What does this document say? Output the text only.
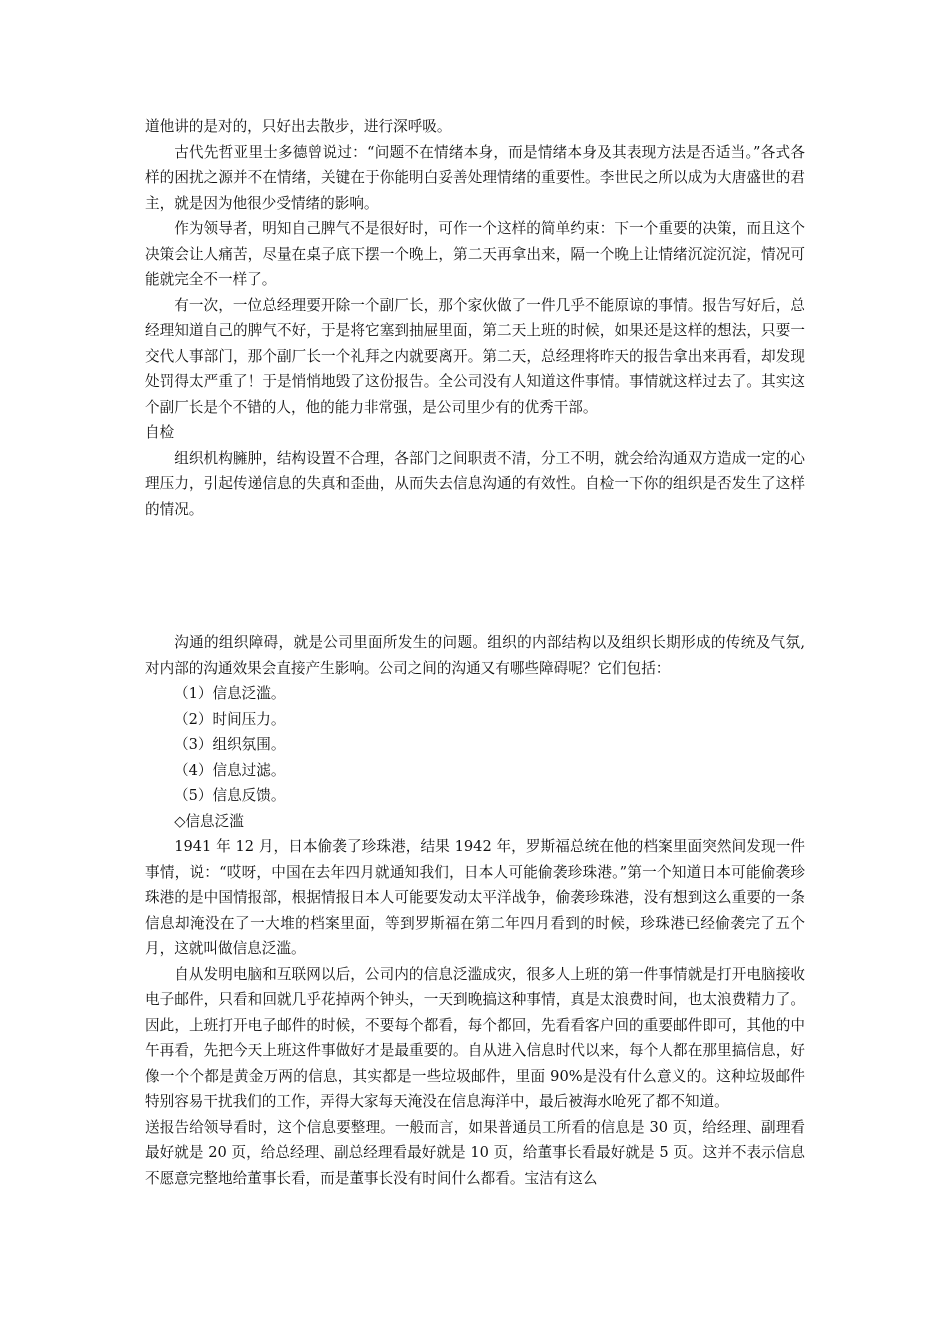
道他讲的是对的，只好出去散步，进行深呼吸。

古代先哲亚里士多德曾说过：“问题不在情绪本身，而是情绪本身及其表现方法是否适当。”各式各样的困扰之源并不在情绪，关键在于你能明白妥善处理情绪的重要性。李世民之所以成为大唐盛世的君主，就是因为他很少受情绪的影响。

作为领导者，明知自己脾气不是很好时，可作一个这样的简单约束：下一个重要的决策，而且这个决策会让人痛苦，尽量在桌子底下摆一个晚上，第二天再拿出来，隔一个晚上让情绪沉淀沉淀，情况可能就完全不一样了。

有一次，一位总经理要开除一个副厂长，那个家伙做了一件几乎不能原谅的事情。报告写好后，总经理知道自己的脾气不好，于是将它塞到抽屉里面，第二天上班的时候，如果还是这样的想法，只要一交代人事部门，那个副厂长一个礼拜之内就要离开。第二天，总经理将昨天的报告拿出来再看，却发现处罚得太严重了！于是悄悄地毁了这份报告。全公司没有人知道这件事情。事情就这样过去了。其实这个副厂长是个不错的人，他的能力非常强，是公司里少有的优秀干部。

自检

组织机构臃肿，结构设置不合理，各部门之间职责不清，分工不明，就会给沟通双方造成一定的心理压力，引起传递信息的失真和歪曲，从而失去信息沟通的有效性。自检一下你的组织是否发生了这样的情况。

沟通的组织障碍，就是公司里面所发生的问题。组织的内部结构以及组织长期形成的传统及气氛,对内部的沟通效果会直接产生影响。公司之间的沟通又有哪些障碍呢？它们包括：

（1）信息泛滥。

（2）时间压力。

（3）组织氛围。

（4）信息过滤。

（5）信息反馈。

◇信息泛滥

1941 年 12 月，日本偷袭了珍珠港，结果 1942 年，罗斯福总统在他的档案里面突然间发现一件事情，说：“哎呀，中国在去年四月就通知我们，日本人可能偷袭珍珠港。”第一个知道日本可能偷袭珍珠港的是中国情报部，根据情报日本人可能要发动太平洋战争，偷袭珍珠港，没有想到这么重要的一条信息却淹没在了一大堆的档案里面，等到罗斯福在第二年四月看到的时候，珍珠港已经偷袭完了五个月，这就叫做信息泛滥。

自从发明电脑和互联网以后，公司内的信息泛滥成灾，很多人上班的第一件事情就是打开电脑接收电子邮件，只看和回就几乎花掉两个钟头，一天到晚搞这种事情，真是太浪费时间，也太浪费精力了。因此，上班打开电子邮件的时候，不要每个都看，每个都回，先看看客户回的重要邮件即可，其他的中午再看，先把今天上班这件事做好才是最重要的。自从进入信息时代以来，每个人都在那里搞信息，好像一个个都是黄金万两的信息，其实都是一些垃圾邮件，里面 90%是没有什么意义的。这种垃圾邮件特别容易干扰我们的工作，弄得大家每天淹没在信息海洋中，最后被海水呛死了都不知道。

送报告给领导看时，这个信息要整理。一般而言，如果普通员工所看的信息是 30 页，给经理、副理看最好就是 20 页，给总经理、副总经理看最好就是 10 页，给董事长看最好就是 5 页。这并不表示信息不愿意完整地给董事长看，而是董事长没有时间什么都看。宝洁有这么
